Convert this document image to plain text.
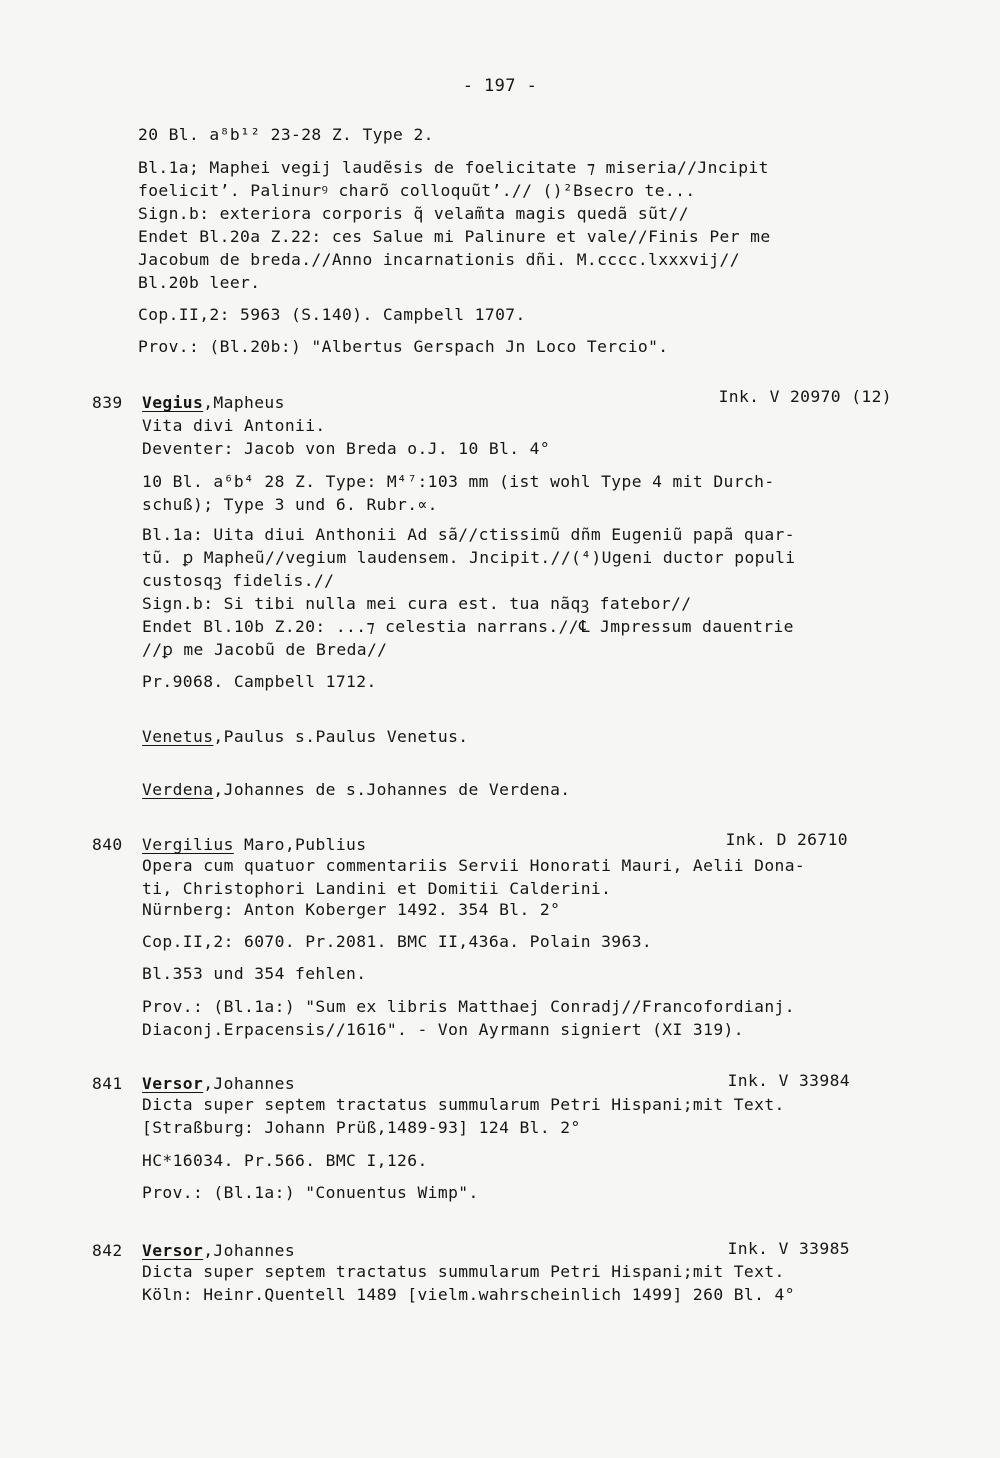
- 197 -
20 Bl. a⁸b¹² 23-28 Z. Type 2.
Bl.1a; Maphei vegij laudẽsis de foelicitate ⁊ miseria//Jncipit
foelicit’. Palinurꝰ charõ colloquũt’.// ()²Bsecro te...
Sign.b: exteriora corporis q̃ velam̃ta magis quedã sũt//
Endet Bl.20a Z.22: ces Salue mi Palinure et vale//Finis Per me
Jacobum de breda.//Anno incarnationis dñi. M.cccc.lxxxvij//
Bl.20b leer.
Cop.II,2: 5963 (S.140). Campbell 1707.
Prov.: (Bl.20b:) "Albertus Gerspach Jn Loco Tercio".
839 Vegius,Mapheus	Ink. V 20970 (12)
Vita divi Antonii.
Deventer: Jacob von Breda o.J. 10 Bl. 4°
10 Bl. a⁶b⁴ 28 Z. Type: M⁴⁷:103 mm (ist wohl Type 4 mit Durch-
schuß); Type 3 und 6. Rubr.∝.
Bl.1a: Uita diui Anthonii Ad sã//ctissimũ dñm Eugeniũ papã quar-
tũ. ꝑ Mapheũ//vegium laudensem. Jncipit.//(⁴)Ugeni ductor populi
custosqꝫ fidelis.//
Sign.b: Si tibi nulla mei cura est. tua nãqꝫ fatebor//
Endet Bl.10b Z.20: ...⁊ celestia narrans.//℄ Jmpressum dauentrie
//ꝑ me Jacobũ de Breda//
Pr.9068. Campbell 1712.
Venetus,Paulus s.Paulus Venetus.
Verdena,Johannes de s.Johannes de Verdena.
840 Vergilius Maro,Publius	Ink. D 26710
Opera cum quatuor commentariis Servii Honorati Mauri, Aelii Dona-
ti, Christophori Landini et Domitii Calderini.
Nürnberg: Anton Koberger 1492. 354 Bl. 2°
Cop.II,2: 6070. Pr.2081. BMC II,436a. Polain 3963.
Bl.353 und 354 fehlen.
Prov.: (Bl.1a:) "Sum ex libris Matthaej Conradj//Francofordianj.
Diaconj.Erpacensis//1616". - Von Ayrmann signiert (XI 319).
841 Versor,Johannes	Ink. V 33984
Dicta super septem tractatus summularum Petri Hispani;mit Text.
[Straßburg: Johann Prüß,1489-93] 124 Bl. 2°
HC*16034. Pr.566. BMC I,126.
Prov.: (Bl.1a:) "Conuentus Wimp".
842 Versor,Johannes	Ink. V 33985
Dicta super septem tractatus summularum Petri Hispani;mit Text.
Köln: Heinr.Quentell 1489 [vielm.wahrscheinlich 1499] 260 Bl. 4°
